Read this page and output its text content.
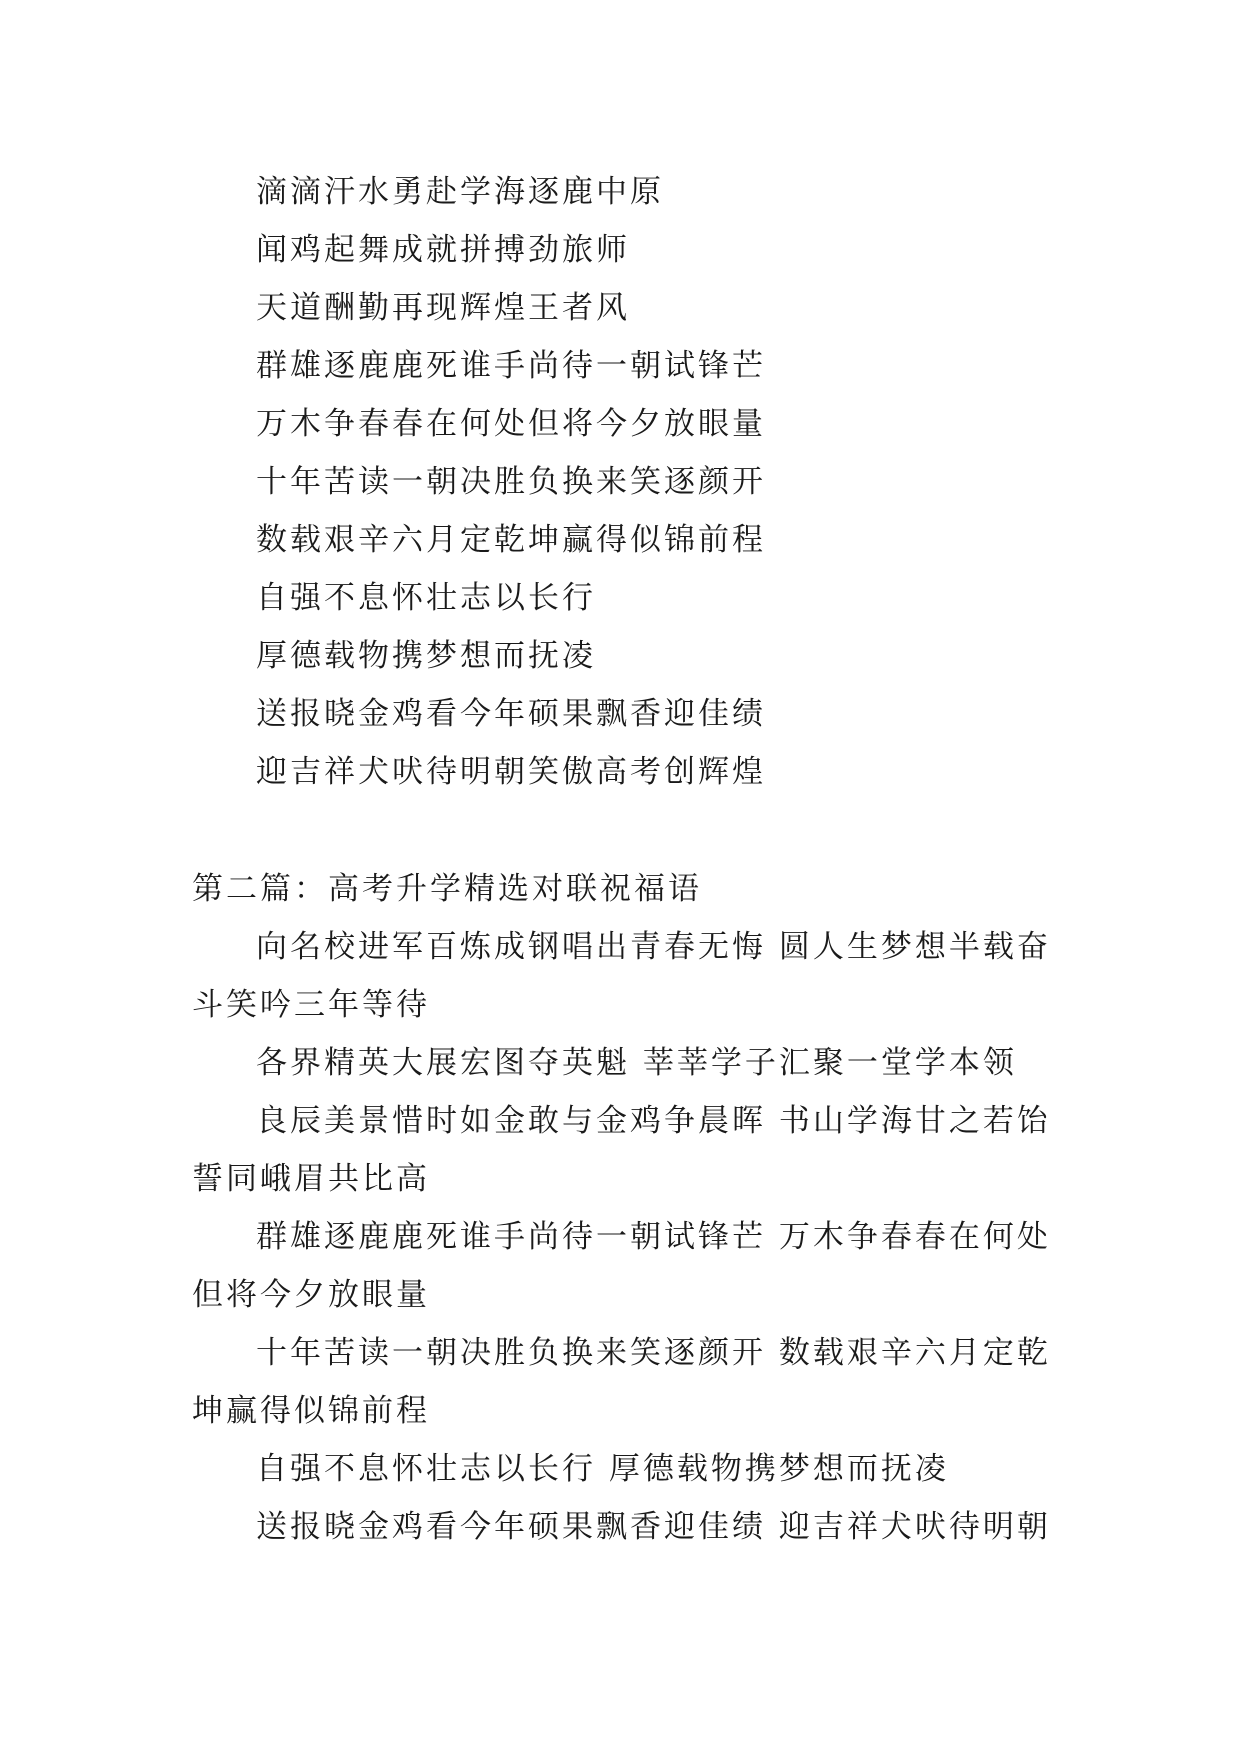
滴滴汗水勇赴学海逐鹿中原

闻鸡起舞成就拼搏劲旅师

天道酬勤再现辉煌王者风

群雄逐鹿鹿死谁手尚待一朝试锋芒

万木争春春在何处但将今夕放眼量

十年苦读一朝决胜负换来笑逐颜开

数载艰辛六月定乾坤赢得似锦前程

自强不息怀壮志以长行

厚德载物携梦想而抚凌

送报晓金鸡看今年硕果飘香迎佳绩

迎吉祥犬吠待明朝笑傲高考创辉煌

第二篇：高考升学精选对联祝福语

向名校进军百炼成钢唱出青春无悔 圆人生梦想半载奋斗笑吟三年等待

各界精英大展宏图夺英魁 莘莘学子汇聚一堂学本领

良辰美景惜时如金敢与金鸡争晨晖 书山学海甘之若饴誓同峨眉共比高

群雄逐鹿鹿死谁手尚待一朝试锋芒 万木争春春在何处但将今夕放眼量

十年苦读一朝决胜负换来笑逐颜开 数载艰辛六月定乾坤赢得似锦前程

自强不息怀壮志以长行 厚德载物携梦想而抚凌

送报晓金鸡看今年硕果飘香迎佳绩 迎吉祥犬吠待明朝
